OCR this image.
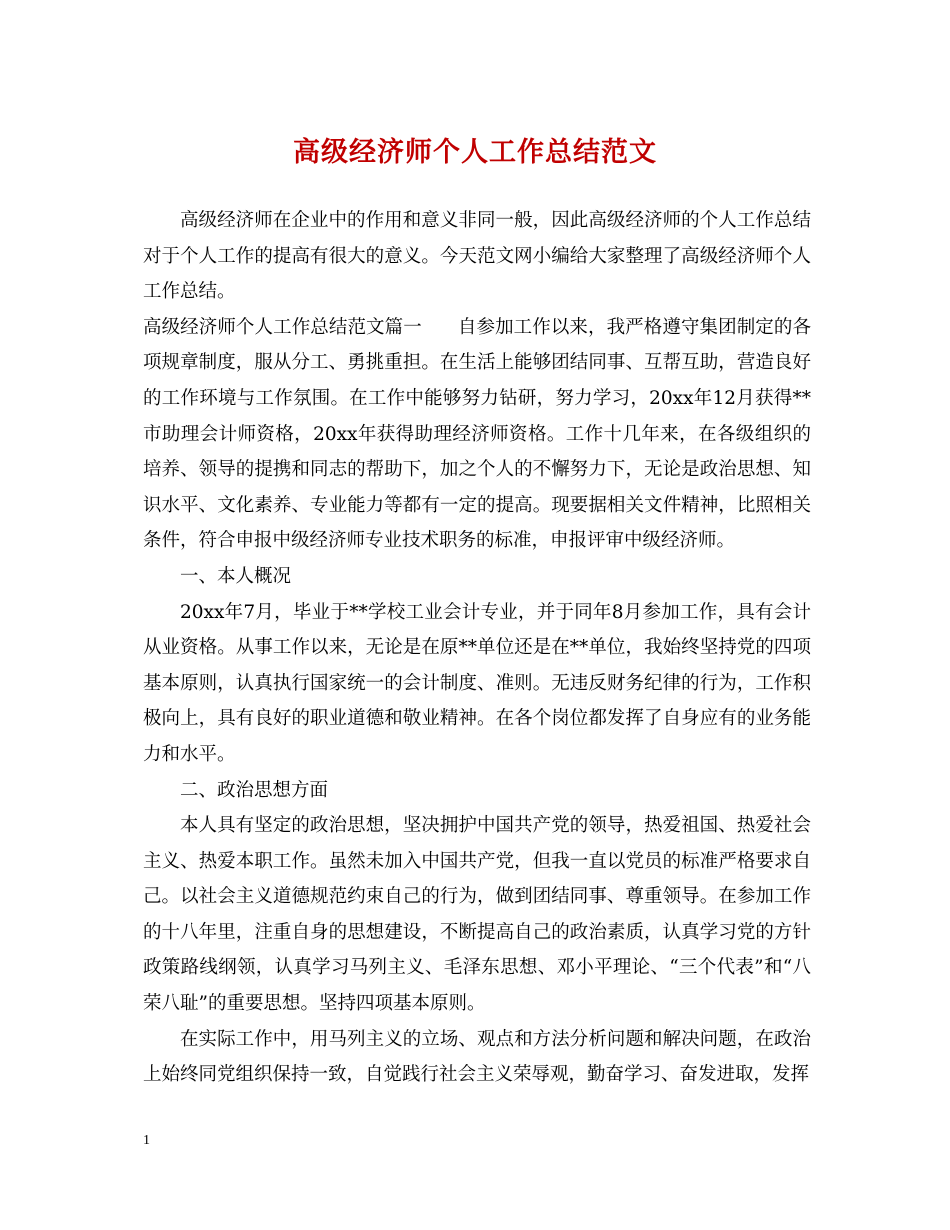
高级经济师个人工作总结范文

高级经济师在企业中的作用和意义非同一般，因此高级经济师的个人工作总结对于个人工作的提高有很大的意义。今天范文网小编给大家整理了高级经济师个人工作总结。

高级经济师个人工作总结范文篇一 自参加工作以来，我严格遵守集团制定的各项规章制度，服从分工、勇挑重担。在生活上能够团结同事、互帮互助，营造良好的工作环境与工作氛围。在工作中能够努力钻研，努力学习，20xx年12月获得**市助理会计师资格，20xx年获得助理经济师资格。工作十几年来，在各级组织的培养、领导的提携和同志的帮助下，加之个人的不懈努力下，无论是政治思想、知识水平、文化素养、专业能力等都有一定的提高。现要据相关文件精神，比照相关条件，符合申报中级经济师专业技术职务的标准，申报评审中级经济师。

一、本人概况

20xx年7月，毕业于**学校工业会计专业，并于同年8月参加工作，具有会计从业资格。从事工作以来，无论是在原**单位还是在**单位，我始终坚持党的四项基本原则，认真执行国家统一的会计制度、准则。无违反财务纪律的行为，工作积极向上，具有良好的职业道德和敬业精神。在各个岗位都发挥了自身应有的业务能力和水平。

二、政治思想方面

本人具有坚定的政治思想，坚决拥护中国共产党的领导，热爱祖国、热爱社会主义、热爱本职工作。虽然未加入中国共产党，但我一直以党员的标准严格要求自己。以社会主义道德规范约束自己的行为，做到团结同事、尊重领导。在参加工作的十八年里，注重自身的思想建设，不断提高自己的政治素质，认真学习党的方针政策路线纲领，认真学习马列主义、毛泽东思想、邓小平理论、“三个代表”和“八荣八耻”的重要思想。坚持四项基本原则。

在实际工作中，用马列主义的立场、观点和方法分析问题和解决问题，在政治上始终同党组织保持一致，自觉践行社会主义荣辱观，勤奋学习、奋发进取，发挥

1
